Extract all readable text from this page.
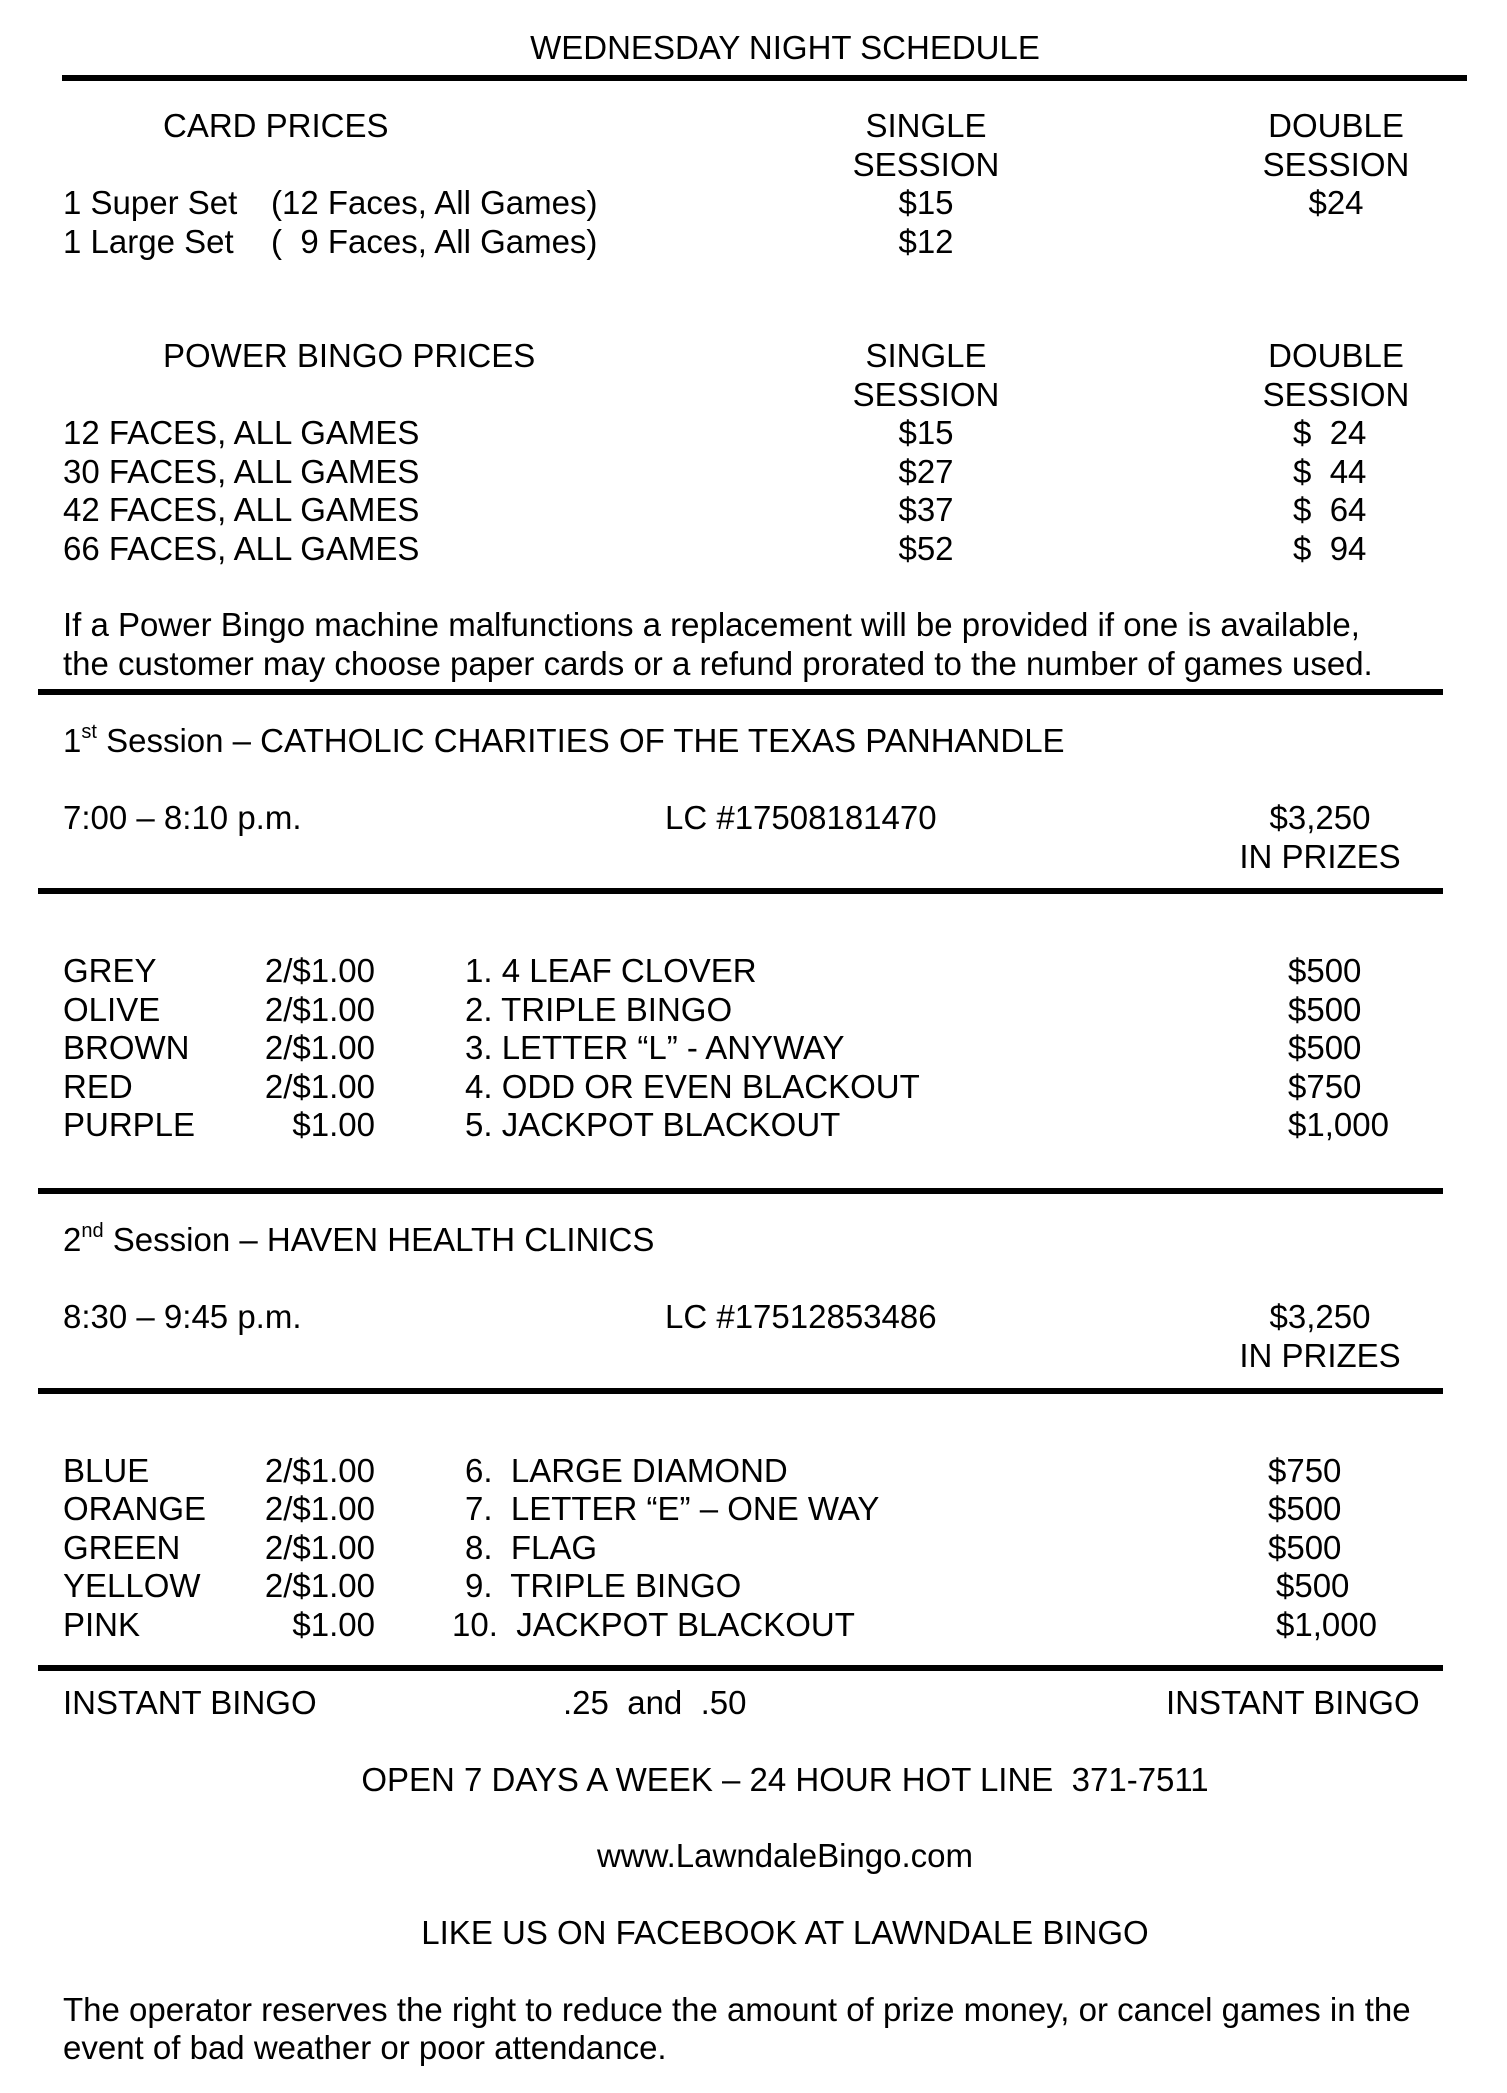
WEDNESDAY NIGHT SCHEDULE
CARD PRICES	SINGLE
SESSION
DOUBLE
SESSION
1 Super Set (12 Faces, All Games)	$15	$24
1 Large Set (  9 Faces, All Games)	$12
POWER BINGO PRICES	SINGLE
SESSION
DOUBLE
SESSION
12 FACES, ALL GAMES	$15	$  24
30 FACES, ALL GAMES	$27	$  44
42 FACES, ALL GAMES	$37	$  64
66 FACES, ALL GAMES	$52	$  94
If a Power Bingo machine malfunctions a replacement will be provided if one is available,
the customer may choose paper cards or a refund prorated to the number of games used.
1st Session – CATHOLIC CHARITIES OF THE TEXAS PANHANDLE
7:00 – 8:10 p.m.	LC #17508181470	$3,250
IN PRIZES
GREY	2/$1.00	1. 4 LEAF CLOVER	$500
OLIVE	2/$1.00	2. TRIPLE BINGO	$500
BROWN	2/$1.00	3. LETTER “L” - ANYWAY	$500
RED	2/$1.00	4. ODD OR EVEN BLACKOUT	$750
PURPLE	$1.00	5. JACKPOT BLACKOUT	$1,000
2nd Session – HAVEN HEALTH CLINICS
8:30 – 9:45 p.m.	LC #17512853486	$3,250
IN PRIZES
BLUE	2/$1.00	6.  LARGE DIAMOND	$750
ORANGE	2/$1.00	7.  LETTER “E” – ONE WAY	$500
GREEN	2/$1.00	8.  FLAG	$500
YELLOW	2/$1.00	9.  TRIPLE BINGO	$500
PINK	$1.00 10.  JACKPOT BLACKOUT	$1,000
INSTANT BINGO	.25  and  .50	INSTANT BINGO
OPEN 7 DAYS A WEEK – 24 HOUR HOT LINE  371-7511
www.LawndaleBingo.com
LIKE US ON FACEBOOK AT LAWNDALE BINGO
The operator reserves the right to reduce the amount of prize money, or cancel games in the
event of bad weather or poor attendance.
